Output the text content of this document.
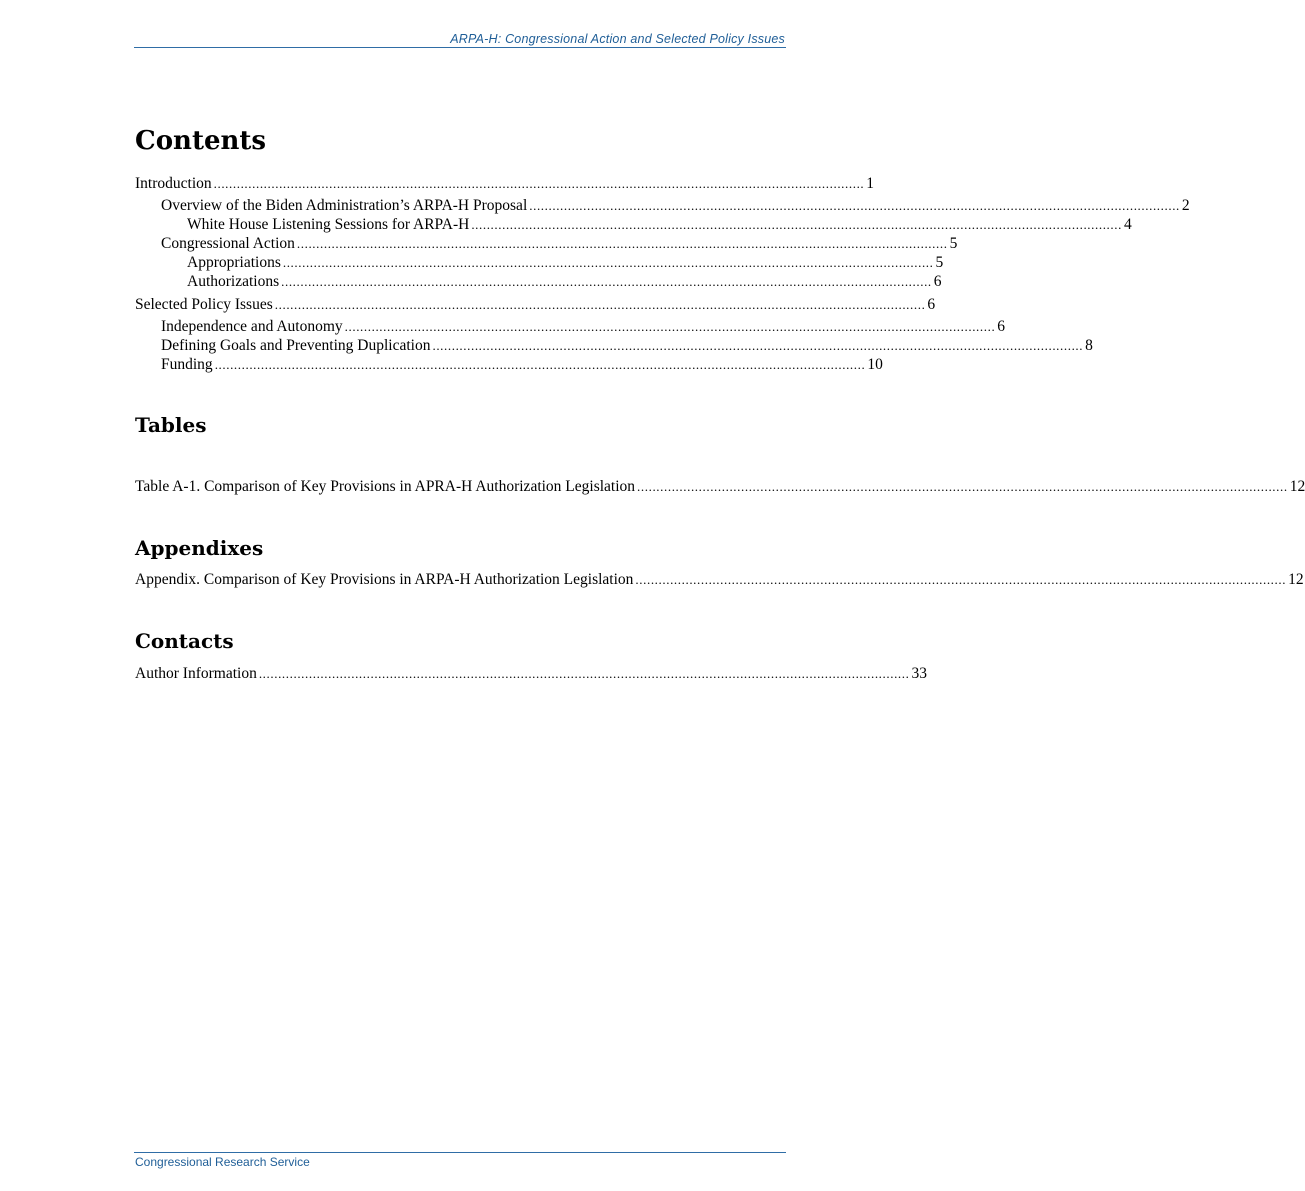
ARPA-H: Congressional Action and Selected Policy Issues
Contents
Introduction ......................................................................................................................................................................... 1
Overview of the Biden Administration’s ARPA-H Proposal ......................................................................................................................................................................... 2
White House Listening Sessions for ARPA-H ......................................................................................................................................................................... 4
Congressional Action ......................................................................................................................................................................... 5
Appropriations ......................................................................................................................................................................... 5
Authorizations ......................................................................................................................................................................... 6
Selected Policy Issues ......................................................................................................................................................................... 6
Independence and Autonomy ......................................................................................................................................................................... 6
Defining Goals and Preventing Duplication ......................................................................................................................................................................... 8
Funding ......................................................................................................................................................................... 10
Tables
Table A-1. Comparison of Key Provisions in APRA-H Authorization Legislation ......................................................................................................................................................................... 12
Appendixes
Appendix. Comparison of Key Provisions in ARPA-H Authorization Legislation ......................................................................................................................................................................... 12
Contacts
Author Information ......................................................................................................................................................................... 33
Congressional Research Service
